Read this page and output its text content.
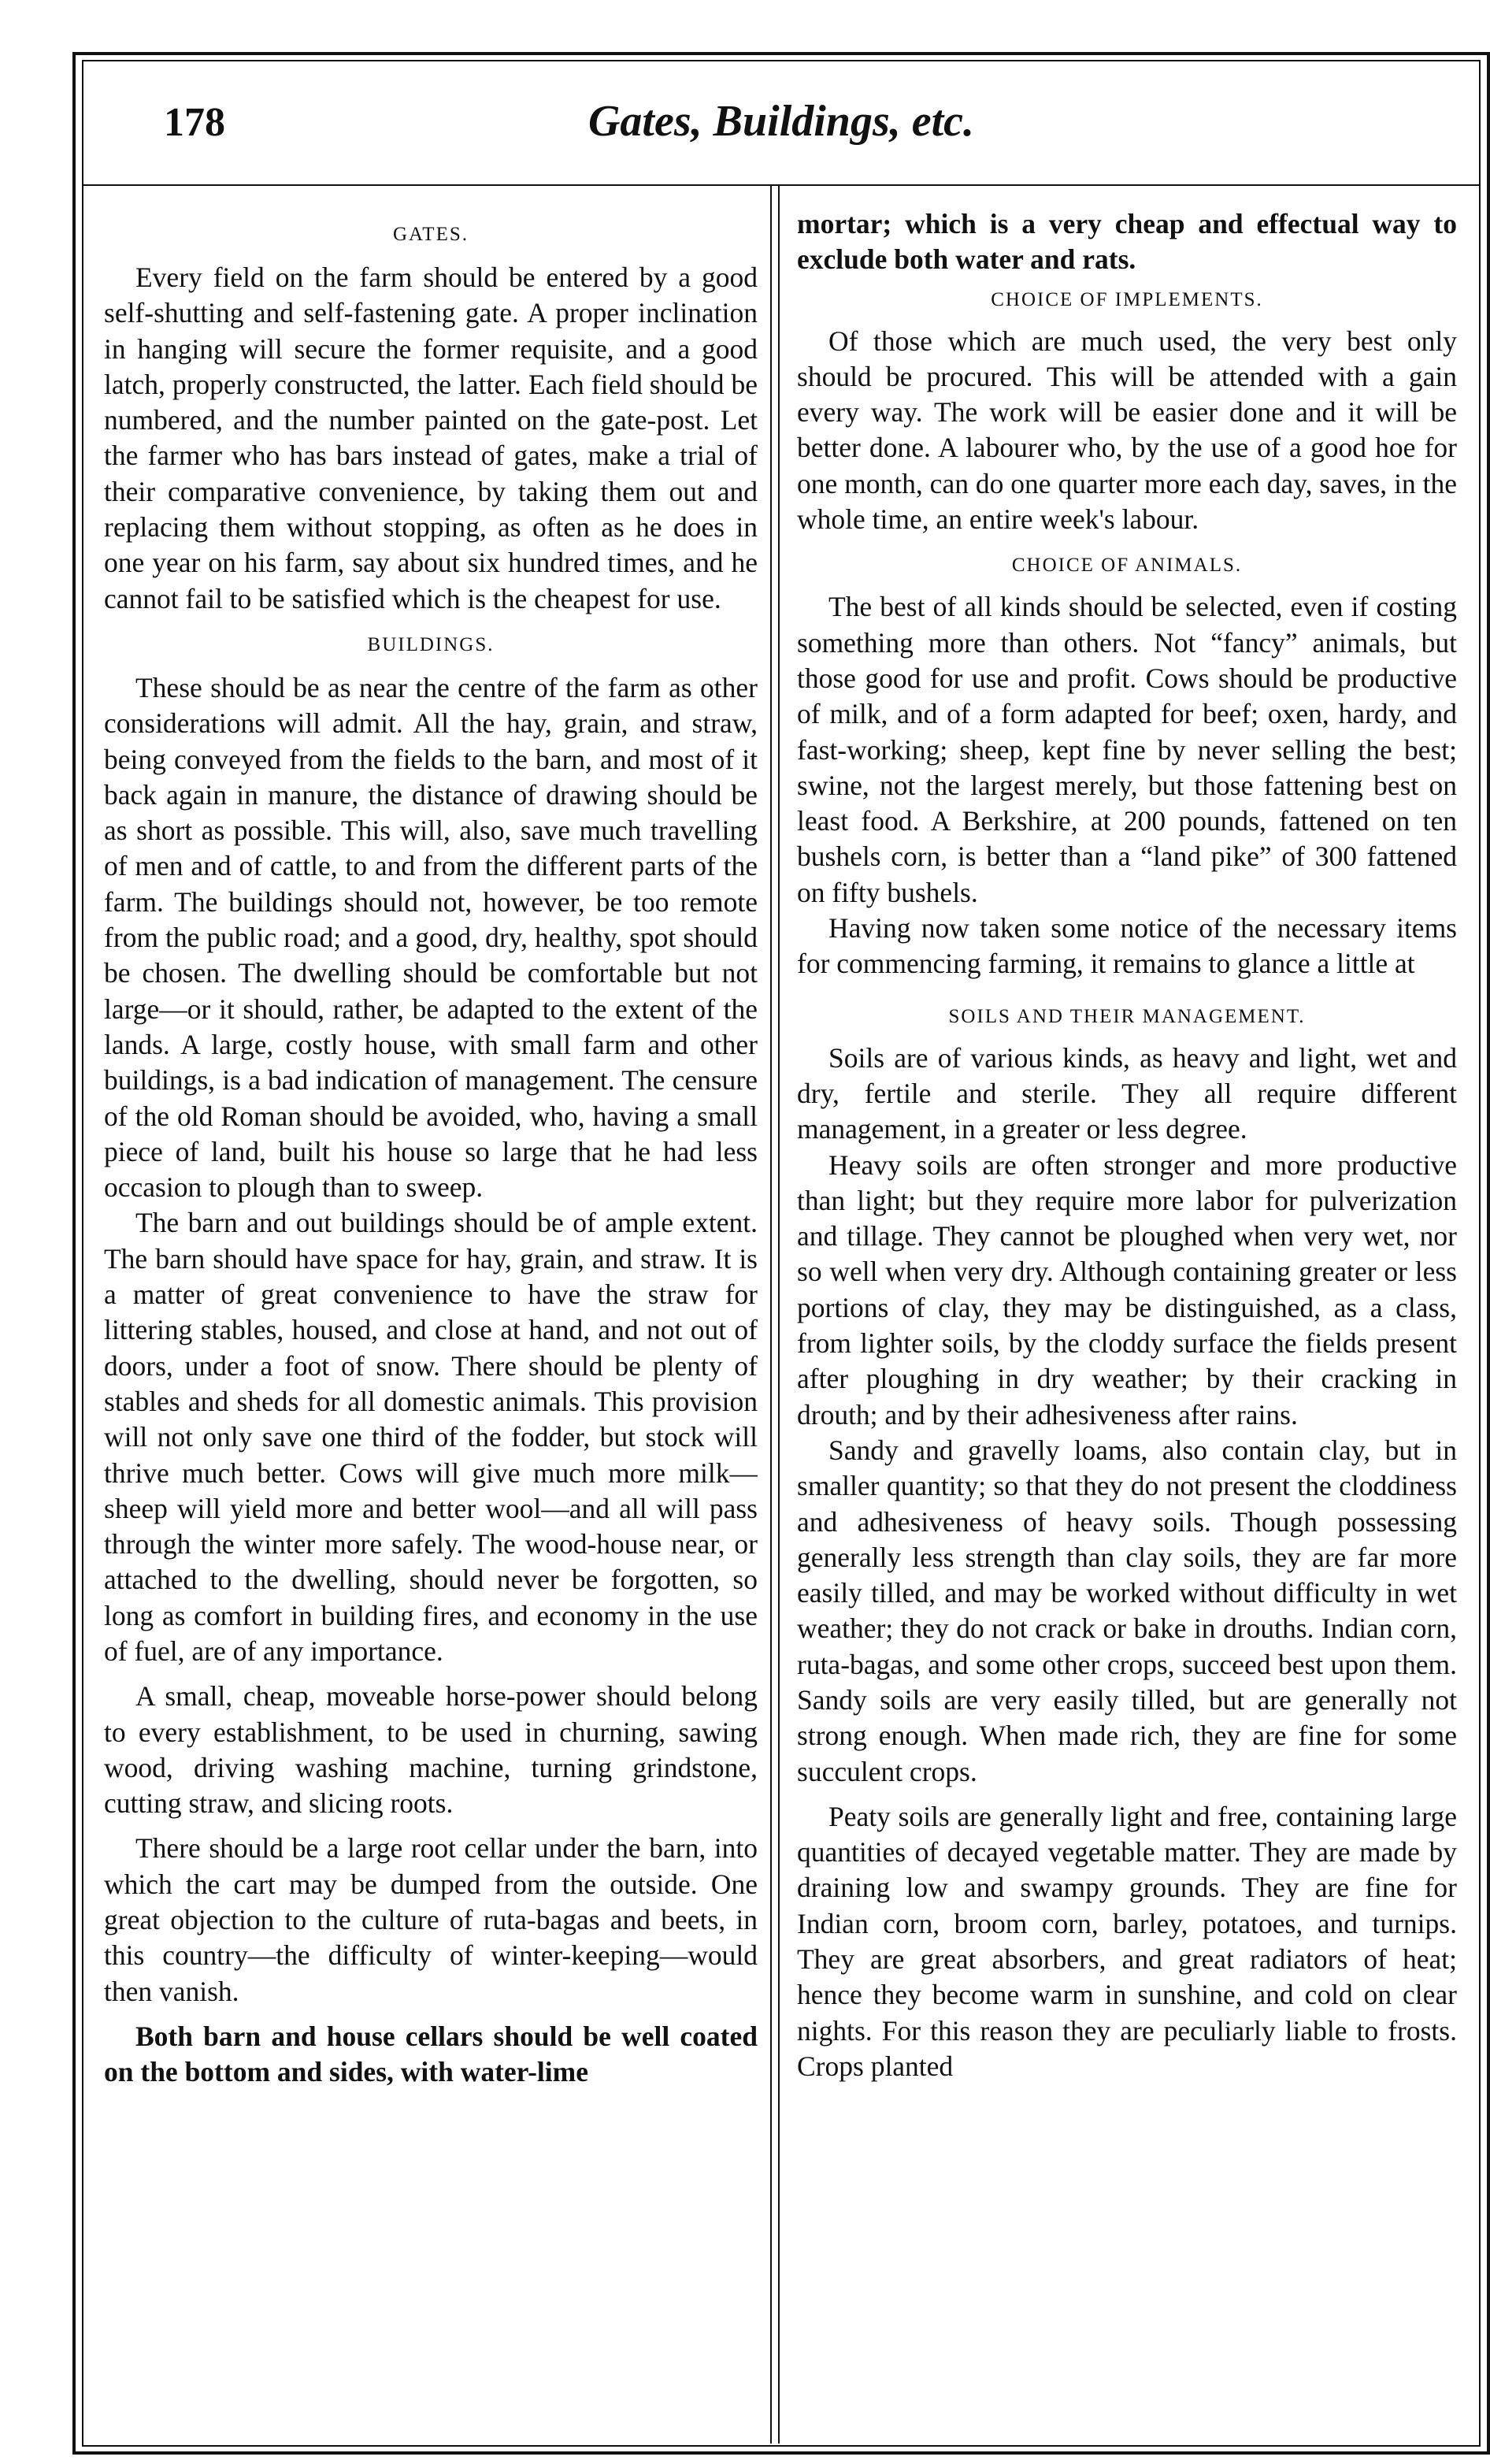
178	Gates, Buildings, etc.
GATES.

Every field on the farm should be entered by a good self-shutting and self-fastening gate. A proper inclination in hanging will secure the former requisite, and a good latch, properly constructed, the latter. Each field should be numbered, and the number painted on the gate-post. Let the farmer who has bars instead of gates, make a trial of their comparative convenience, by taking them out and replacing them without stopping, as often as he does in one year on his farm, say about six hundred times, and he cannot fail to be satisfied which is the cheapest for use.

BUILDINGS.

These should be as near the centre of the farm as other considerations will admit. All the hay, grain, and straw, being conveyed from the fields to the barn, and most of it back again in manure, the distance of drawing should be as short as possible. This will, also, save much travelling of men and of cattle, to and from the different parts of the farm. The buildings should not, however, be too remote from the public road; and a good, dry, healthy, spot should be chosen. The dwelling should be comfortable but not large—or it should, rather, be adapted to the extent of the lands. A large, costly house, with small farm and other buildings, is a bad indication of management. The censure of the old Roman should be avoided, who, having a small piece of land, built his house so large that he had less occasion to plough than to sweep.

The barn and out buildings should be of ample extent. The barn should have space for hay, grain, and straw. It is a matter of great convenience to have the straw for littering stables, housed, and close at hand, and not out of doors, under a foot of snow. There should be plenty of stables and sheds for all domestic animals. This provision will not only save one third of the fodder, but stock will thrive much better. Cows will give much more milk—sheep will yield more and better wool—and all will pass through the winter more safely. The wood-house near, or attached to the dwelling, should never be forgotten, so long as comfort in building fires, and economy in the use of fuel, are of any importance.

A small, cheap, moveable horse-power should belong to every establishment, to be used in churning, sawing wood, driving washing machine, turning grindstone, cutting straw, and slicing roots.

There should be a large root cellar under the barn, into which the cart may be dumped from the outside. One great objection to the culture of ruta-bagas and beets, in this country—the difficulty of winter-keeping—would then vanish.

Both barn and house cellars should be well coated on the bottom and sides, with water-lime

mortar; which is a very cheap and effectual way to exclude both water and rats.

CHOICE OF IMPLEMENTS.

Of those which are much used, the very best only should be procured. This will be attended with a gain every way. The work will be easier done and it will be better done. A labourer who, by the use of a good hoe for one month, can do one quarter more each day, saves, in the whole time, an entire week's labour.

CHOICE OF ANIMALS.

The best of all kinds should be selected, even if costing something more than others. Not “fancy” animals, but those good for use and profit. Cows should be productive of milk, and of a form adapted for beef; oxen, hardy, and fast-working; sheep, kept fine by never selling the best; swine, not the largest merely, but those fattening best on least food. A Berkshire, at 200 pounds, fattened on ten bushels corn, is better than a “land pike” of 300 fattened on fifty bushels.

Having now taken some notice of the necessary items for commencing farming, it remains to glance a little at

SOILS AND THEIR MANAGEMENT.

Soils are of various kinds, as heavy and light, wet and dry, fertile and sterile. They all require different management, in a greater or less degree.

Heavy soils are often stronger and more productive than light; but they require more labor for pulverization and tillage. They cannot be ploughed when very wet, nor so well when very dry. Although containing greater or less portions of clay, they may be distinguished, as a class, from lighter soils, by the cloddy surface the fields present after ploughing in dry weather; by their cracking in drouth; and by their adhesiveness after rains.

Sandy and gravelly loams, also contain clay, but in smaller quantity; so that they do not present the cloddiness and adhesiveness of heavy soils. Though possessing generally less strength than clay soils, they are far more easily tilled, and may be worked without difficulty in wet weather; they do not crack or bake in drouths. Indian corn, ruta-bagas, and some other crops, succeed best upon them. Sandy soils are very easily tilled, but are generally not strong enough. When made rich, they are fine for some succulent crops.

Peaty soils are generally light and free, containing large quantities of decayed vegetable matter. They are made by draining low and swampy grounds. They are fine for Indian corn, broom corn, barley, potatoes, and turnips. They are great absorbers, and great radiators of heat; hence they become warm in sunshine, and cold on clear nights. For this reason they are peculiarly liable to frosts. Crops planted
